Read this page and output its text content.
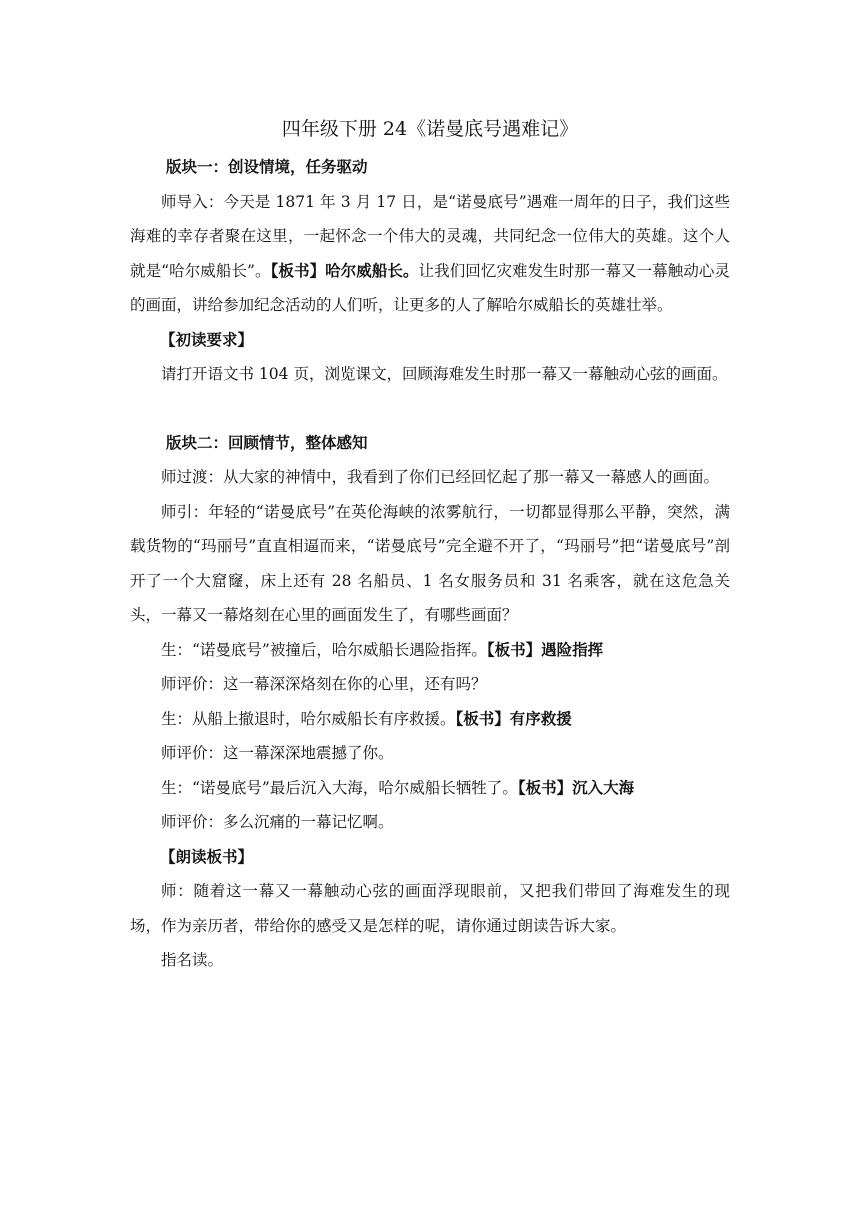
四年级下册 24《诺曼底号遇难记》

版块一：创设情境，任务驱动

师导入：今天是 1871 年 3 月 17 日，是“诺曼底号”遇难一周年的日子，我们这些海难的幸存者聚在这里，一起怀念一个伟大的灵魂，共同纪念一位伟大的英雄。这个人就是“哈尔威船长”。【板书】哈尔威船长。让我们回忆灾难发生时那一幕又一幕触动心灵的画面，讲给参加纪念活动的人们听，让更多的人了解哈尔威船长的英雄壮举。

【初读要求】

请打开语文书 104 页，浏览课文，回顾海难发生时那一幕又一幕触动心弦的画面。

版块二：回顾情节，整体感知

师过渡：从大家的神情中，我看到了你们已经回忆起了那一幕又一幕感人的画面。

师引：年轻的“诺曼底号”在英伦海峡的浓雾航行，一切都显得那么平静，突然，满载货物的“玛丽号”直直相逼而来，“诺曼底号”完全避不开了，“玛丽号”把“诺曼底号”剖开了一个大窟窿，床上还有 28 名船员、1 名女服务员和 31 名乘客，就在这危急关头，一幕又一幕烙刻在心里的画面发生了，有哪些画面？

生：“诺曼底号”被撞后，哈尔威船长遇险指挥。【板书】遇险指挥

师评价：这一幕深深烙刻在你的心里，还有吗？

生：从船上撤退时，哈尔威船长有序救援。【板书】有序救援

师评价：这一幕深深地震撼了你。

生：“诺曼底号”最后沉入大海，哈尔威船长牺牲了。【板书】沉入大海

师评价：多么沉痛的一幕记忆啊。

【朗读板书】

师：随着这一幕又一幕触动心弦的画面浮现眼前，又把我们带回了海难发生的现场，作为亲历者，带给你的感受又是怎样的呢，请你通过朗读告诉大家。

指名读。
